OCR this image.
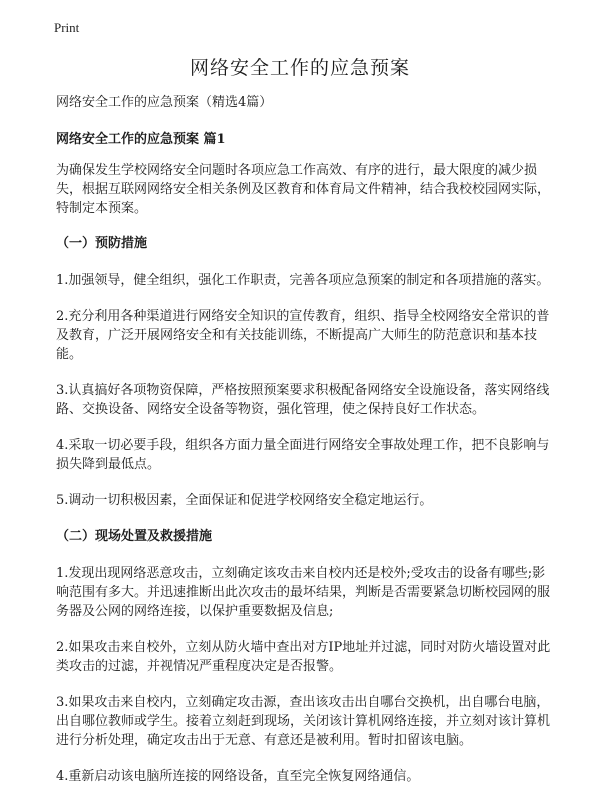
Print
网络安全工作的应急预案

网络安全工作的应急预案（精选4篇）

网络安全工作的应急预案 篇1

为确保发生学校网络安全问题时各项应急工作高效、有序的进行，最大限度的减少损失，根据互联网网络安全相关条例及区教育和体育局文件精神，结合我校校园网实际，特制定本预案。

（一）预防措施

1.加强领导，健全组织，强化工作职责，完善各项应急预案的制定和各项措施的落实。

2.充分利用各种渠道进行网络安全知识的宣传教育，组织、指导全校网络安全常识的普及教育，广泛开展网络安全和有关技能训练，不断提高广大师生的防范意识和基本技能。

3.认真搞好各项物资保障，严格按照预案要求积极配备网络安全设施设备，落实网络线路、交换设备、网络安全设备等物资，强化管理，使之保持良好工作状态。

4.采取一切必要手段，组织各方面力量全面进行网络安全事故处理工作，把不良影响与损失降到最低点。

5.调动一切积极因素，全面保证和促进学校网络安全稳定地运行。

（二）现场处置及救援措施

1.发现出现网络恶意攻击，立刻确定该攻击来自校内还是校外;受攻击的设备有哪些;影响范围有多大。并迅速推断出此次攻击的最坏结果，判断是否需要紧急切断校园网的服务器及公网的网络连接，以保护重要数据及信息;

2.如果攻击来自校外，立刻从防火墙中查出对方IP地址并过滤，同时对防火墙设置对此类攻击的过滤，并视情况严重程度决定是否报警。

3.如果攻击来自校内，立刻确定攻击源，查出该攻击出自哪台交换机，出自哪台电脑，出自哪位教师或学生。接着立刻赶到现场，关闭该计算机网络连接，并立刻对该计算机进行分析处理，确定攻击出于无意、有意还是被利用。暂时扣留该电脑。

4.重新启动该电脑所连接的网络设备，直至完全恢复网络通信。
